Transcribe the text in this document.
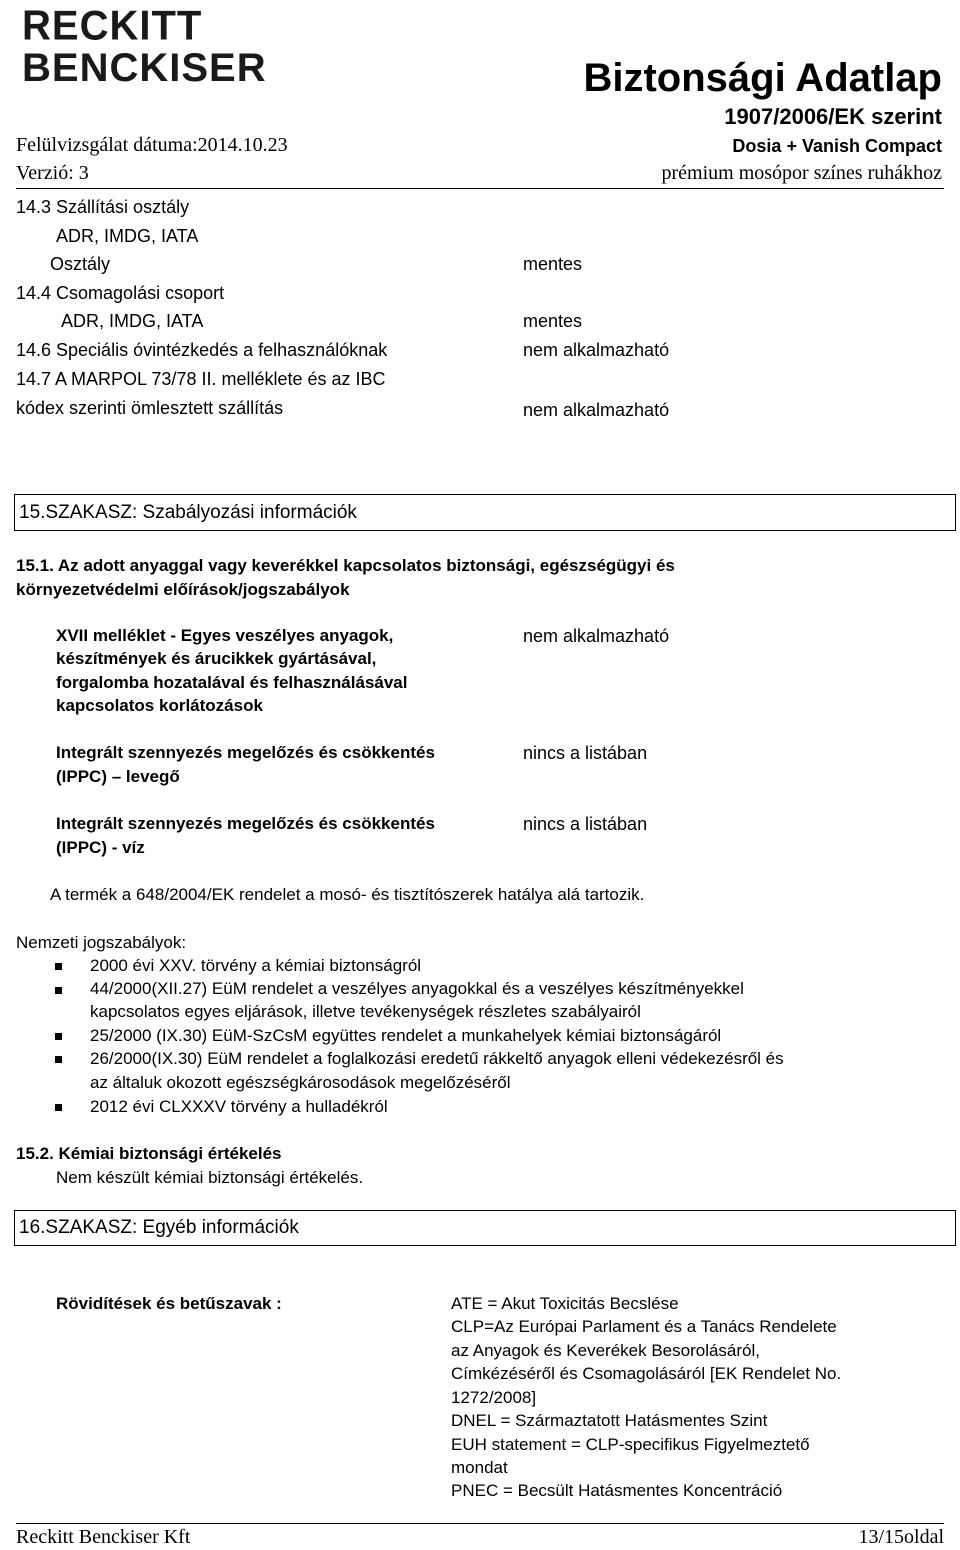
RECKITT
BENCKISER	Biztonsági Adatlap
1907/2006/EK szerint
Felülvizsgálat dátuma:2014.10.23	Dosia + Vanish Compact
Verzió: 3	prémium mosópor színes ruhákhoz
14.3 Szállítási osztály
ADR, IMDG, IATA
Osztály	mentes
14.4 Csomagolási csoport
ADR, IMDG, IATA	mentes
14.6 Speciális óvintézkedés a felhasználóknak	nem alkalmazható
14.7 A MARPOL 73/78 II. melléklete és az IBC
kódex szerinti ömlesztett szállítás	nem alkalmazható
15.SZAKASZ: Szabályozási információk
15.1. Az adott anyaggal vagy keverékkel kapcsolatos biztonsági, egészségügyi és
környezetvédelmi előírások/jogszabályok
XVII melléklet - Egyes veszélyes anyagok,
készítmények és árucikkek gyártásával,
forgalomba hozatalával és felhasználásával
kapcsolatos korlátozások
nem alkalmazható
Integrált szennyezés megelőzés és csökkentés
(IPPC) – levegő
nincs a listában
Integrált szennyezés megelőzés és csökkentés
(IPPC) - víz
nincs a listában
A termék a 648/2004/EK rendelet a mosó- és tisztítószerek hatálya alá tartozik.
Nemzeti jogszabályok:
2000 évi XXV. törvény a kémiai biztonságról
44/2000(XII.27) EüM rendelet a veszélyes anyagokkal és a veszélyes készítményekkel
kapcsolatos egyes eljárások, illetve tevékenységek részletes szabályairól
25/2000 (IX.30) EüM-SzCsM együttes rendelet a munkahelyek kémiai biztonságáról
26/2000(IX.30) EüM rendelet a foglalkozási eredetű rákkeltő anyagok elleni védekezésről és
az általuk okozott egészségkárosodások megelőzéséről
2012 évi CLXXXV törvény a hulladékról
15.2. Kémiai biztonsági értékelés
Nem készült kémiai biztonsági értékelés.
16.SZAKASZ: Egyéb információk
Rövidítések és betűszavak :	ATE = Akut Toxicitás Becslése
CLP=Az Európai Parlament és a Tanács Rendelete
az Anyagok és Keverékek Besorolásáról,
Címkézéséről és Csomagolásáról [EK Rendelet No.
1272/2008]
DNEL = Származtatott Hatásmentes Szint
EUH statement = CLP-specifikus Figyelmeztető
mondat
PNEC = Becsült Hatásmentes Koncentráció
Reckitt Benckiser Kft	13/15oldal
